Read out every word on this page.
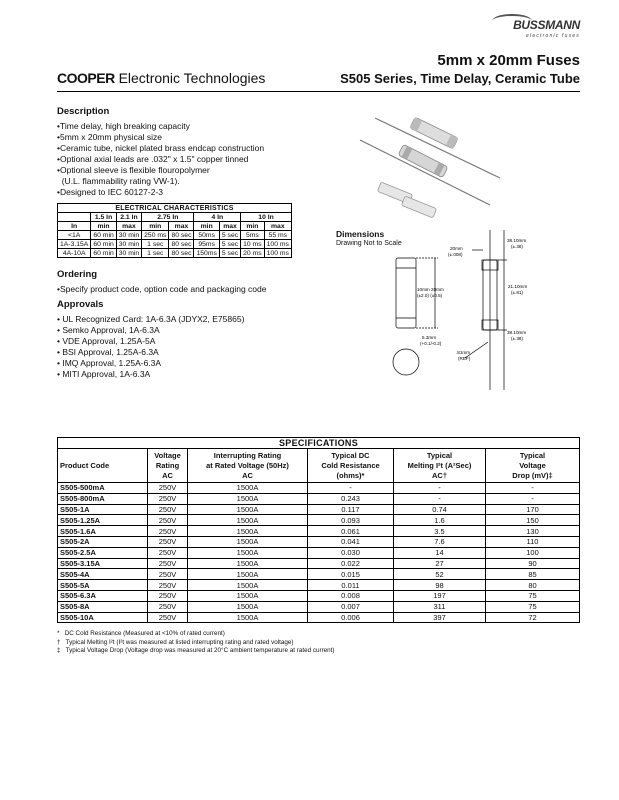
BUSSMANN
electronic fuses
5mm x 20mm Fuses
S505 Series, Time Delay, Ceramic Tube
COOPER Electronic Technologies
Description
•Time delay, high breaking capacity
•5mm x 20mm physical size
•Ceramic tube, nickel plated brass endcap construction
•Optional axial leads are .032" x 1.5" copper tinned
•Optional sleeve is flexible flouropolymer
(U.L. flammability rating VW-1).
•Designed to IEC 60127-2-3
ELECTRICAL CHARACTERISTICS								
	1.5 In	2.1 In	2.75 In		4 In		10 In	
In	min	max	min	max	min	max	min	max
<1A	60 min	30 min	250 ms	80 sec	50ms	5 sec	5ms	55 ms
1A-3.15A	60 min	30 min	1 sec	80 sec	95ms	5 sec	10 ms	100 ms
4A-10A	60 min	30 min	1 sec	80 sec	150ms	5 sec	20 ms	100 ms
Ordering
•Specify product code, option code and packaging code
Approvals
• UL Recognized Card: 1A-6.3A (JDYX2, E75865)
• Semko Approval, 1A-6.3A
• VDE Approval, 1.25A-5A
• BSI Approval, 1.25A-6.3A
• IMQ Approval, 1.25A-6.3A
• MITI Approval, 1A-6.3A
Dimensions
Drawing Not to Scale
20mm
(±.008)
10mm 20mm
(±2.0) (±0.5)
5.3mm
(+0.1/-0.2)
38.10mm
(±.38)
21.10mm
(±.81)
38.10mm
(±.38)
.81mm
(REF)
SPECIFICATIONS					
Product Code	Voltage
Rating
AC	Interrupting Rating
at Rated Voltage (50Hz)
AC	Typical DC
Cold Resistance
(ohms)*	Typical
Melting I²t (A²Sec)
AC†	Typical
Voltage
Drop (mV)‡
S505-500mA	250V	1500A	-	-	-
S505-800mA	250V	1500A	0.243	-	-
S505-1A	250V	1500A	0.117	0.74	170
S505-1.25A	250V	1500A	0.093	1.6	150
S505-1.6A	250V	1500A	0.061	3.5	130
S505-2A	250V	1500A	0.041	7.6	110
S505-2.5A	250V	1500A	0.030	14	100
S505-3.15A	250V	1500A	0.022	27	90
S505-4A	250V	1500A	0.015	52	85
S505-5A	250V	1500A	0.011	98	80
S505-6.3A	250V	1500A	0.008	197	75
S505-8A	250V	1500A	0.007	311	75
S505-10A	250V	1500A	0.006	397	72
*   DC Cold Resistance (Measured at <10% of rated current)
†   Typical Melting I²t (I²t was measured at listed interrupting rating and rated voltage)
‡   Typical Voltage Drop (Voltage drop was measured at 20°C ambient temperature at rated current)
